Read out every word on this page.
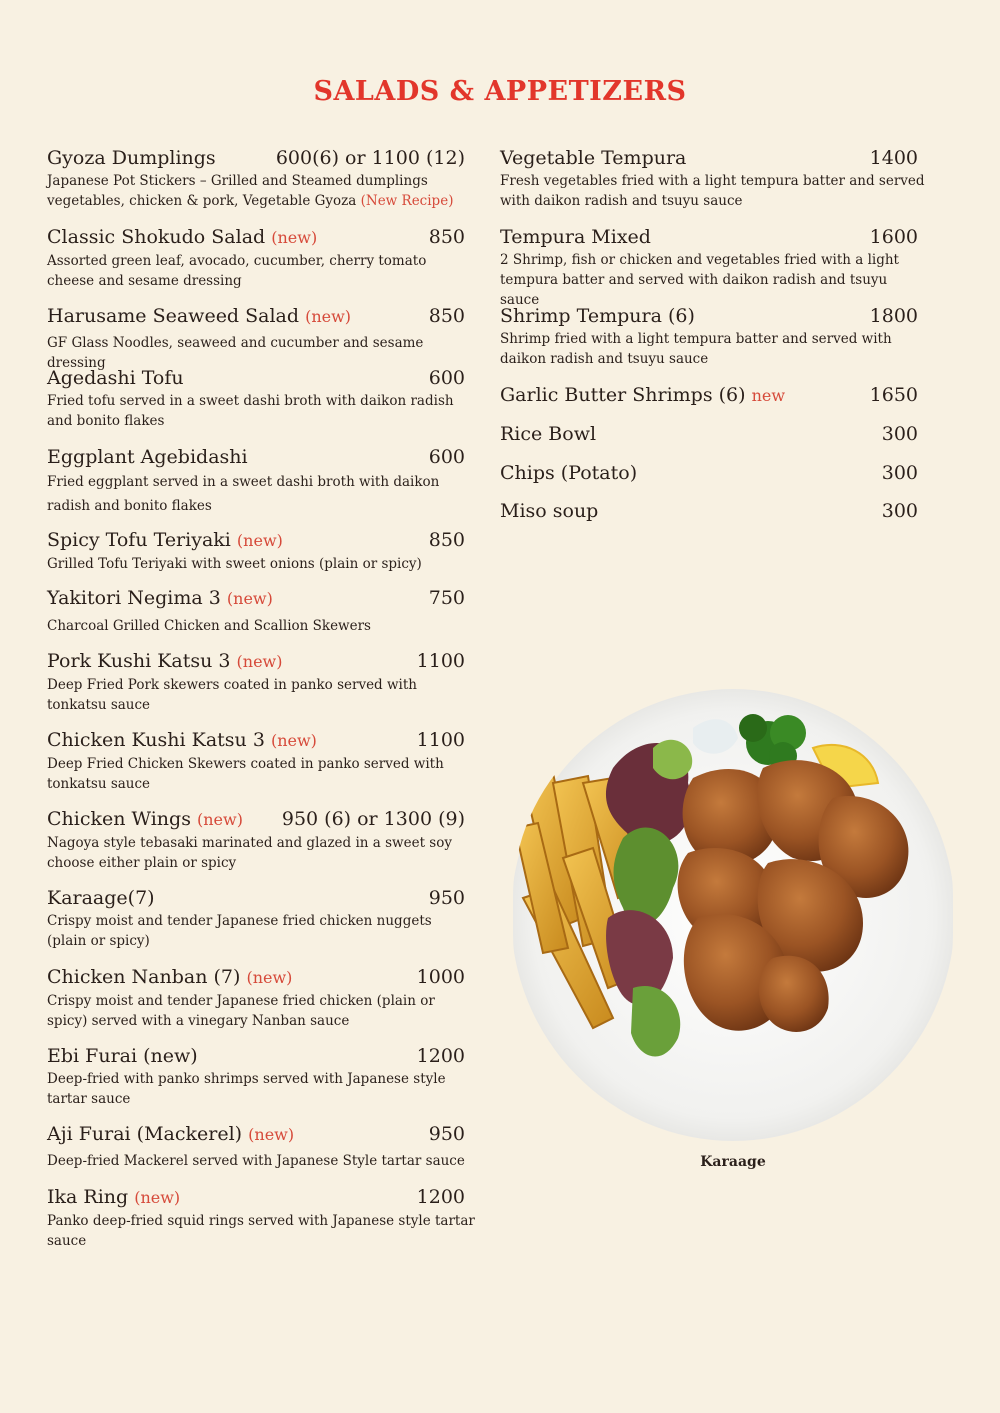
SALADS & APPETIZERS
Gyoza Dumplings	600(6) or 1100 (12)
Japanese Pot Stickers – Grilled and Steamed dumplings vegetables, chicken & pork, Vegetable Gyoza (New Recipe)
Classic Shokudo Salad (new)	850
Assorted green leaf, avocado, cucumber, cherry tomato cheese and sesame dressing
Harusame Seaweed Salad (new)	850
GF Glass Noodles, seaweed and cucumber and sesame dressing
Agedashi Tofu	600
Fried tofu served in a sweet dashi broth with daikon radish and bonito flakes
Eggplant Agebidashi	600
Fried eggplant served in a sweet dashi broth with daikon radish and bonito flakes
Spicy Tofu Teriyaki (new)	850
Grilled Tofu Teriyaki with sweet onions (plain or spicy)
Yakitori Negima 3 (new)	750
Charcoal Grilled Chicken and Scallion Skewers
Pork Kushi Katsu 3 (new)	1100
Deep Fried Pork skewers coated in panko served with tonkatsu sauce
Chicken Kushi Katsu 3 (new)	1100
Deep Fried Chicken Skewers coated in panko served with tonkatsu sauce
Chicken Wings (new) 950 (6) or 1300 (9)
Nagoya style tebasaki marinated and glazed in a sweet soy choose either plain or spicy
Karaage(7)	950
Crispy moist and tender Japanese fried chicken nuggets (plain or spicy)
Chicken Nanban (7) (new)	1000
Crispy moist and tender Japanese fried chicken (plain or spicy) served with a vinegary Nanban sauce
Ebi Furai (new)	1200
Deep-fried with panko shrimps served with Japanese style tartar sauce
Aji Furai (Mackerel) (new)	950
Deep-fried Mackerel served with Japanese Style tartar sauce
Ika Ring (new)	1200
Panko deep-fried squid rings served with Japanese style tartar sauce
Vegetable Tempura	1400
Fresh vegetables fried with a light tempura batter and served with daikon radish and tsuyu sauce
Tempura Mixed	1600
2 Shrimp, fish or chicken and vegetables fried with a light tempura batter and served with daikon radish and tsuyu sauce
Shrimp Tempura (6)	1800
Shrimp fried with a light tempura batter and served with daikon radish and tsuyu sauce
Garlic Butter Shrimps (6) new	1650
Rice Bowl	300
Chips (Potato)	300
Miso soup	300
Karaage
